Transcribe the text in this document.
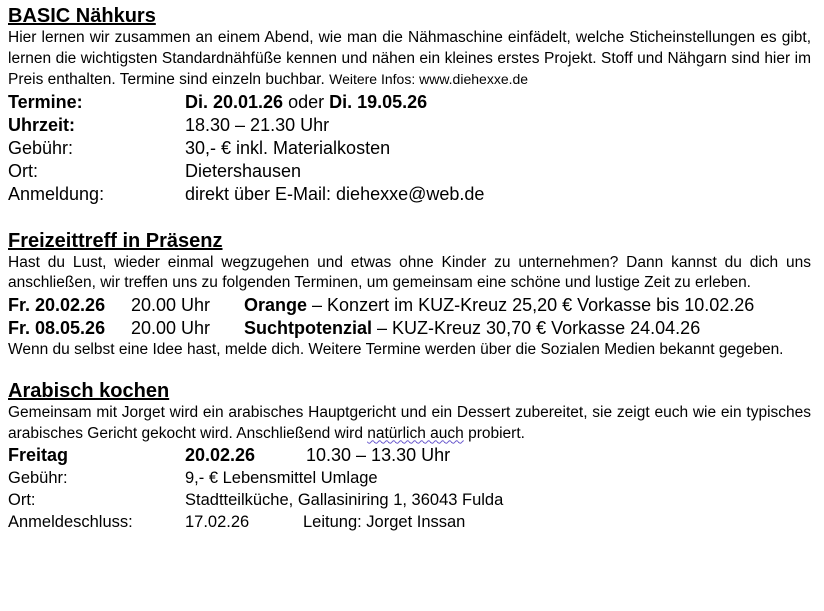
BASIC Nähkurs
Hier lernen wir zusammen an einem Abend, wie man die Nähmaschine einfädelt, welche Sticheinstellungen es gibt, lernen die wichtigsten Standardnähfüße kennen und nähen ein kleines erstes Projekt. Stoff und Nähgarn sind hier im Preis enthalten. Termine sind einzeln buchbar. Weitere Infos: www.diehexxe.de
Termine:	Di. 20.01.26 oder Di. 19.05.26
Uhrzeit:	18.30 – 21.30 Uhr
Gebühr:	30,- € inkl. Materialkosten
Ort:	Dietershausen
Anmeldung:	direkt über E-Mail: diehexxe@web.de
Freizeittreff in Präsenz
Hast du Lust, wieder einmal wegzugehen und etwas ohne Kinder zu unternehmen? Dann kannst du dich uns anschließen, wir treffen uns zu folgenden Terminen, um gemeinsam eine schöne und lustige Zeit zu erleben.
Fr. 20.02.26 20.00 Uhr Orange – Konzert im KUZ-Kreuz 25,20 € Vorkasse bis 10.02.26
Fr. 08.05.26 20.00 Uhr Suchtpotenzial – KUZ-Kreuz 30,70 € Vorkasse 24.04.26
Wenn du selbst eine Idee hast, melde dich. Weitere Termine werden über die Sozialen Medien bekannt gegeben.
Arabisch kochen
Gemeinsam mit Jorget wird ein arabisches Hauptgericht und ein Dessert zubereitet, sie zeigt euch wie ein typisches arabisches Gericht gekocht wird. Anschließend wird natürlich auch probiert.
Freitag	20.02.26	10.30 – 13.30 Uhr
Gebühr:	9,- € Lebensmittel Umlage
Ort:	Stadtteilküche, Gallasiniring 1, 36043 Fulda
Anmeldeschluss:	17.02.26	Leitung: Jorget Inssan
